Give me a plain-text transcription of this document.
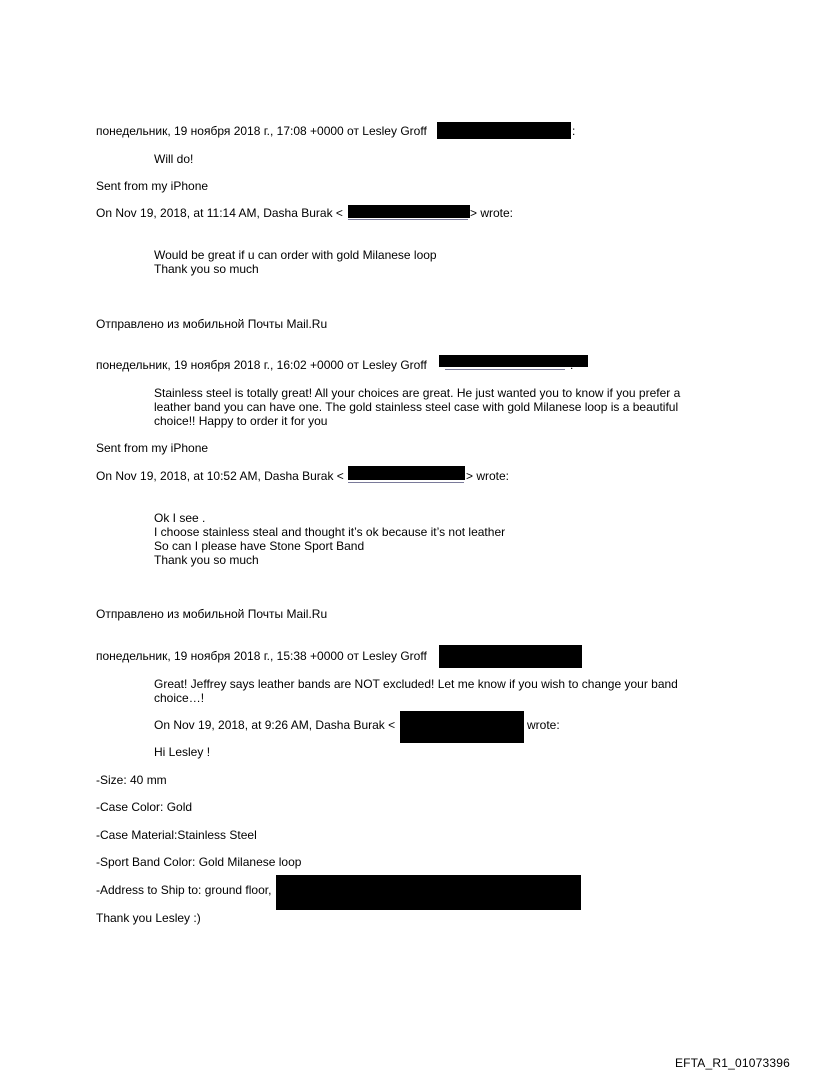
понедельник, 19 ноября 2018 г., 17:08 +0000 от Lesley Groff	:
Will do!
Sent from my iPhone
On Nov 19, 2018, at 11:14 AM, Dasha Burak <	> wrote:
Would be great if u can order with gold Milanese loop
Thank you so much
Отправлено из мобильной Почты Mail.Ru
понедельник, 19 ноября 2018 г., 16:02 +0000 от Lesley Groff	:
Stainless steel is totally great! All your choices are great. He just wanted you to know if you prefer a
leather band you can have one. The gold stainless steel case with gold Milanese loop is a beautiful
choice!! Happy to order it for you
Sent from my iPhone
On Nov 19, 2018, at 10:52 AM, Dasha Burak <	> wrote:
Ok I see .
I choose stainless steal and thought it’s ok because it’s not leather
So can I please have Stone Sport Band
Thank you so much
Отправлено из мобильной Почты Mail.Ru
понедельник, 19 ноября 2018 г., 15:38 +0000 от Lesley Groff
Great! Jeffrey says leather bands are NOT excluded! Let me know if you wish to change your band
choice…!
On Nov 19, 2018, at 9:26 AM, Dasha Burak <	wrote:
Hi Lesley !
-Size: 40 mm
-Case Color: Gold
-Case Material:Stainless Steel
-Sport Band Color: Gold Milanese loop
-Address to Ship to: ground floor,
Thank you Lesley :)
EFTA_R1_01073396
